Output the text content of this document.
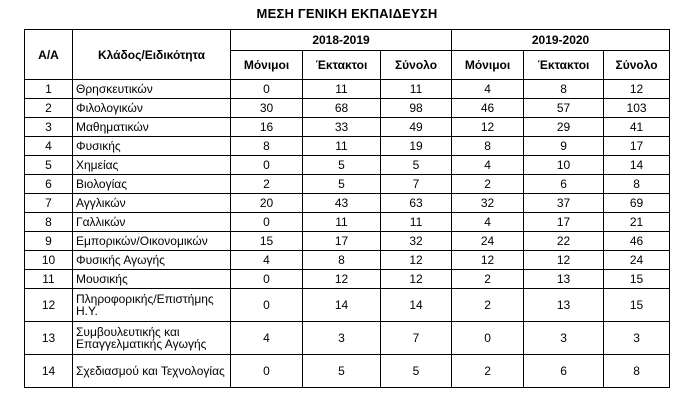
ΜΕΣΗ ΓΕΝΙΚΗ ΕΚΠΑΙΔΕΥΣΗ
Α/Α	Κλάδος/Ειδικότητα	2018-2019			2019-2020		
		Μόνιμοι	Έκτακτοι	Σύνολο	Μόνιμοι	Έκτακτοι	Σύνολο
1	Θρησκευτικών	0	11	11	4	8	12
2	Φιλολογικών	30	68	98	46	57	103
3	Μαθηματικών	16	33	49	12	29	41
4	Φυσικής	8	11	19	8	9	17
5	Χημείας	0	5	5	4	10	14
6	Βιολογίας	2	5	7	2	6	8
7	Αγγλικών	20	43	63	32	37	69
8	Γαλλικών	0	11	11	4	17	21
9	Εμπορικών/Οικονομικών	15	17	32	24	22	46
10	Φυσικής Αγωγής	4	8	12	12	12	24
11	Μουσικής	0	12	12	2	13	15
12	Πληροφορικής/Επιστήμης Η.Υ.	0	14	14	2	13	15
13	Συμβουλευτικής και Επαγγελματικής Αγωγής	4	3	7	0	3	3
14	Σχεδιασμού και Τεχνολογίας	0	5	5	2	6	8
